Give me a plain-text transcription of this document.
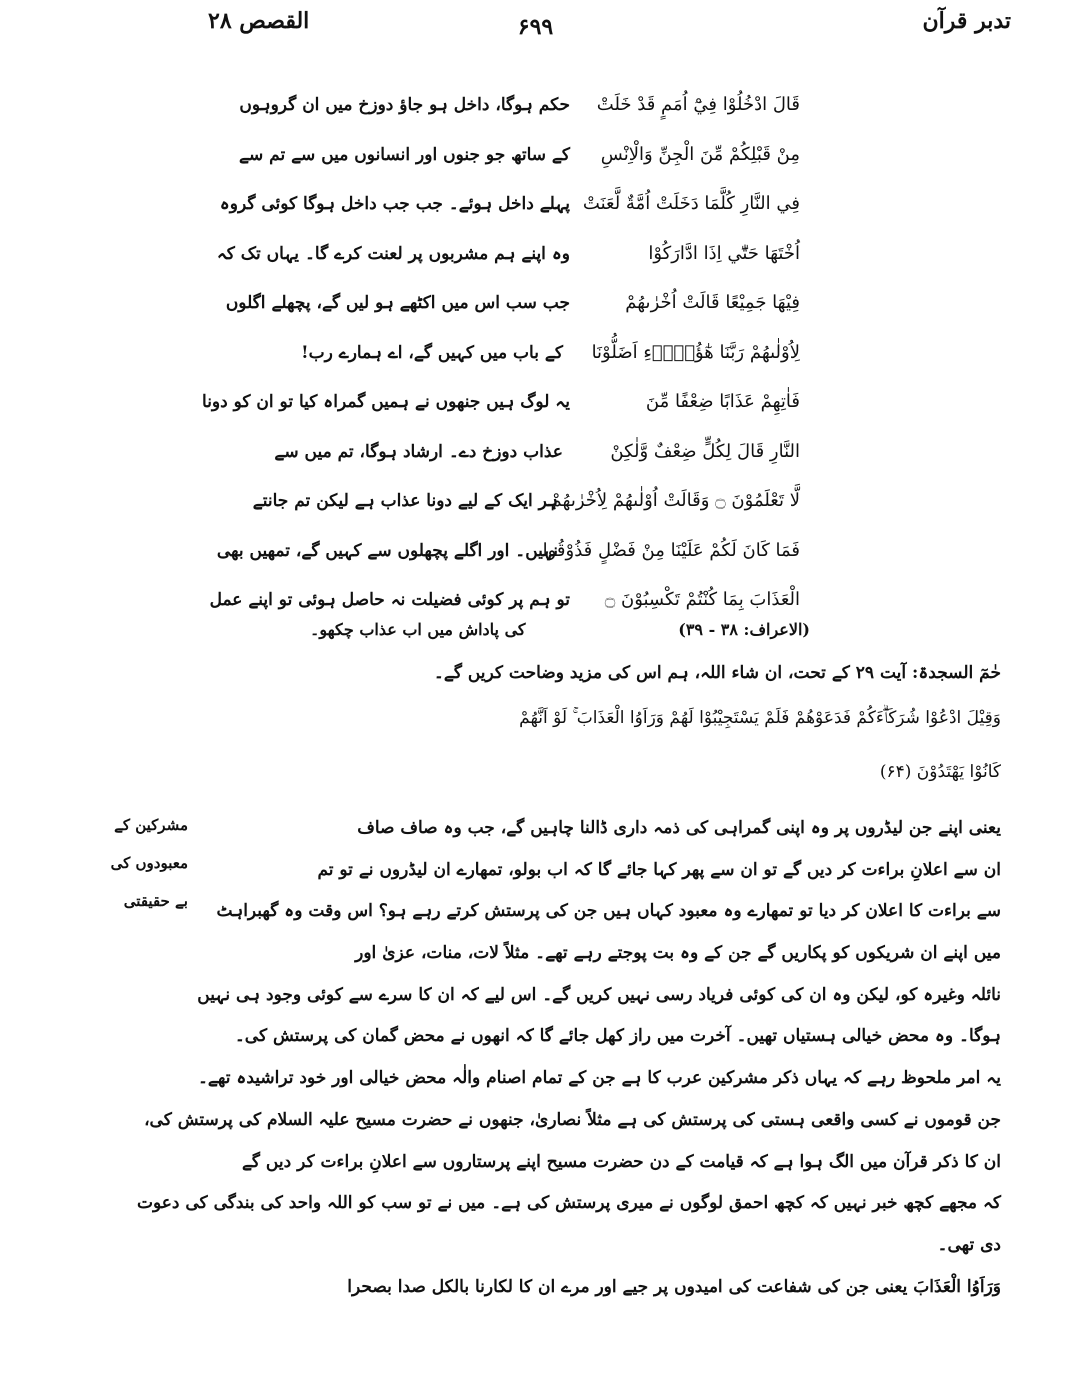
تدبر قرآن
۶۹۹
القصص ۲۸
قَالَ ادْخُلُوْا فِيْٓ اُمَمٍ قَدْ خَلَتْ
حکم ہوگا، داخل ہو جاؤ دوزخ میں ان گروہوں
مِنْ قَبْلِكُمْ مِّنَ الْجِنِّ وَالْاِنْسِ
کے ساتھ جو جنوں اور انسانوں میں سے تم سے
فِي النَّارِ كُلَّمَا دَخَلَتْ اُمَّةٌ لَّعَنَتْ
پہلے داخل ہوئے۔ جب جب داخل ہوگا کوئی گروہ
اُخْتَهَا حَتّٰٓي اِذَا ادَّارَكُوْا
وہ اپنے ہم مشربوں پر لعنت کرے گا۔ یہاں تک کہ
فِيْهَا جَمِيْعًا قَالَتْ اُخْرٰىهُمْ
جب سب اس میں اکٹھے ہو لیں گے، پچھلے اگلوں
لِاُوْلٰىهُمْ رَبَّنَا هٰٓؤُلَاۗءِ اَضَلُّوْنَا
کے باب میں کہیں گے، اے ہمارے رب!
فَاٰتِهِمْ عَذَابًا ضِعْفًا مِّنَ
یہ لوگ ہیں جنھوں نے ہمیں گمراہ کیا تو ان کو دونا
النَّارِ قَالَ لِكُلٍّ ضِعْفٌ وَّلٰكِنْ
عذاب دوزخ دے۔ ارشاد ہوگا، تم میں سے
لَّا تَعْلَمُوْنَ ۝ وَقَالَتْ اُوْلٰىهُمْ لِاُخْرٰىهُمْ
ہر ایک کے لیے دونا عذاب ہے لیکن تم جانتے
فَمَا كَانَ لَكُمْ عَلَيْنَا مِنْ فَضْلٍ فَذُوْقُوا
نہیں۔ اور اگلے پچھلوں سے کہیں گے، تمھیں بھی
الْعَذَابَ بِمَا كُنْتُمْ تَكْسِبُوْنَ ۝
تو ہم پر کوئی فضیلت نہ حاصل ہوئی تو اپنے عمل
(الاعراف: ۳۸ - ۳۹)
کی پاداش میں اب عذاب چکھو۔
حٰمٓ السجدۃ: آیت ۲۹ کے تحت، ان شاء اللہ، ہم اس کی مزید وضاحت کریں گے۔
وَقِيْلَ ادْعُوْا شُرَكَاۗءَكُمْ فَدَعَوْهُمْ فَلَمْ يَسْتَجِيْبُوْا لَهُمْ وَرَاَوُا الْعَذَابَ ۚ لَوْ اَنَّهُمْ
كَانُوْا يَهْتَدُوْنَ (۶۴)
مشرکین کے
معبودوں کی
بے حقیقتی
یعنی اپنے جن لیڈروں پر وہ اپنی گمراہی کی ذمہ داری ڈالنا چاہیں گے، جب وہ صاف صاف
ان سے اعلانِ براءت کر دیں گے تو ان سے پھر کہا جائے گا کہ اب بولو، تمھارے ان لیڈروں نے تو تم
سے براءت کا اعلان کر دیا تو تمھارے وہ معبود کہاں ہیں جن کی پرستش کرتے رہے ہو؟ اس وقت وہ گھبراہٹ
میں اپنے ان شریکوں کو پکاریں گے جن کے وہ بت پوجتے رہے تھے۔ مثلاً لات، منات، عزیٰ اور
نائلہ وغیرہ کو، لیکن وہ ان کی کوئی فریاد رسی نہیں کریں گے۔ اس لیے کہ ان کا سرے سے کوئی وجود ہی نہیں
ہوگا۔ وہ محض خیالی ہستیاں تھیں۔ آخرت میں راز کھل جائے گا کہ انھوں نے محض گمان کی پرستش کی۔
یہ امر ملحوظ رہے کہ یہاں ذکر مشرکین عرب کا ہے جن کے تمام اصنام والٰہ محض خیالی اور خود تراشیدہ تھے۔
جن قوموں نے کسی واقعی ہستی کی پرستش کی ہے مثلاً نصاریٰ، جنھوں نے حضرت مسیح علیہ السلام کی پرستش کی،
ان کا ذکر قرآن میں الگ ہوا ہے کہ قیامت کے دن حضرت مسیح اپنے پرستاروں سے اعلانِ براءت کر دیں گے
کہ مجھے کچھ خبر نہیں کہ کچھ احمق لوگوں نے میری پرستش کی ہے۔ میں نے تو سب کو اللہ واحد کی بندگی کی دعوت
دی تھی۔
وَرَاَوُا الْعَذَابَ یعنی جن کی شفاعت کی امیدوں پر جیے اور مرے ان کا لکارنا بالکل صدا بصحرا
